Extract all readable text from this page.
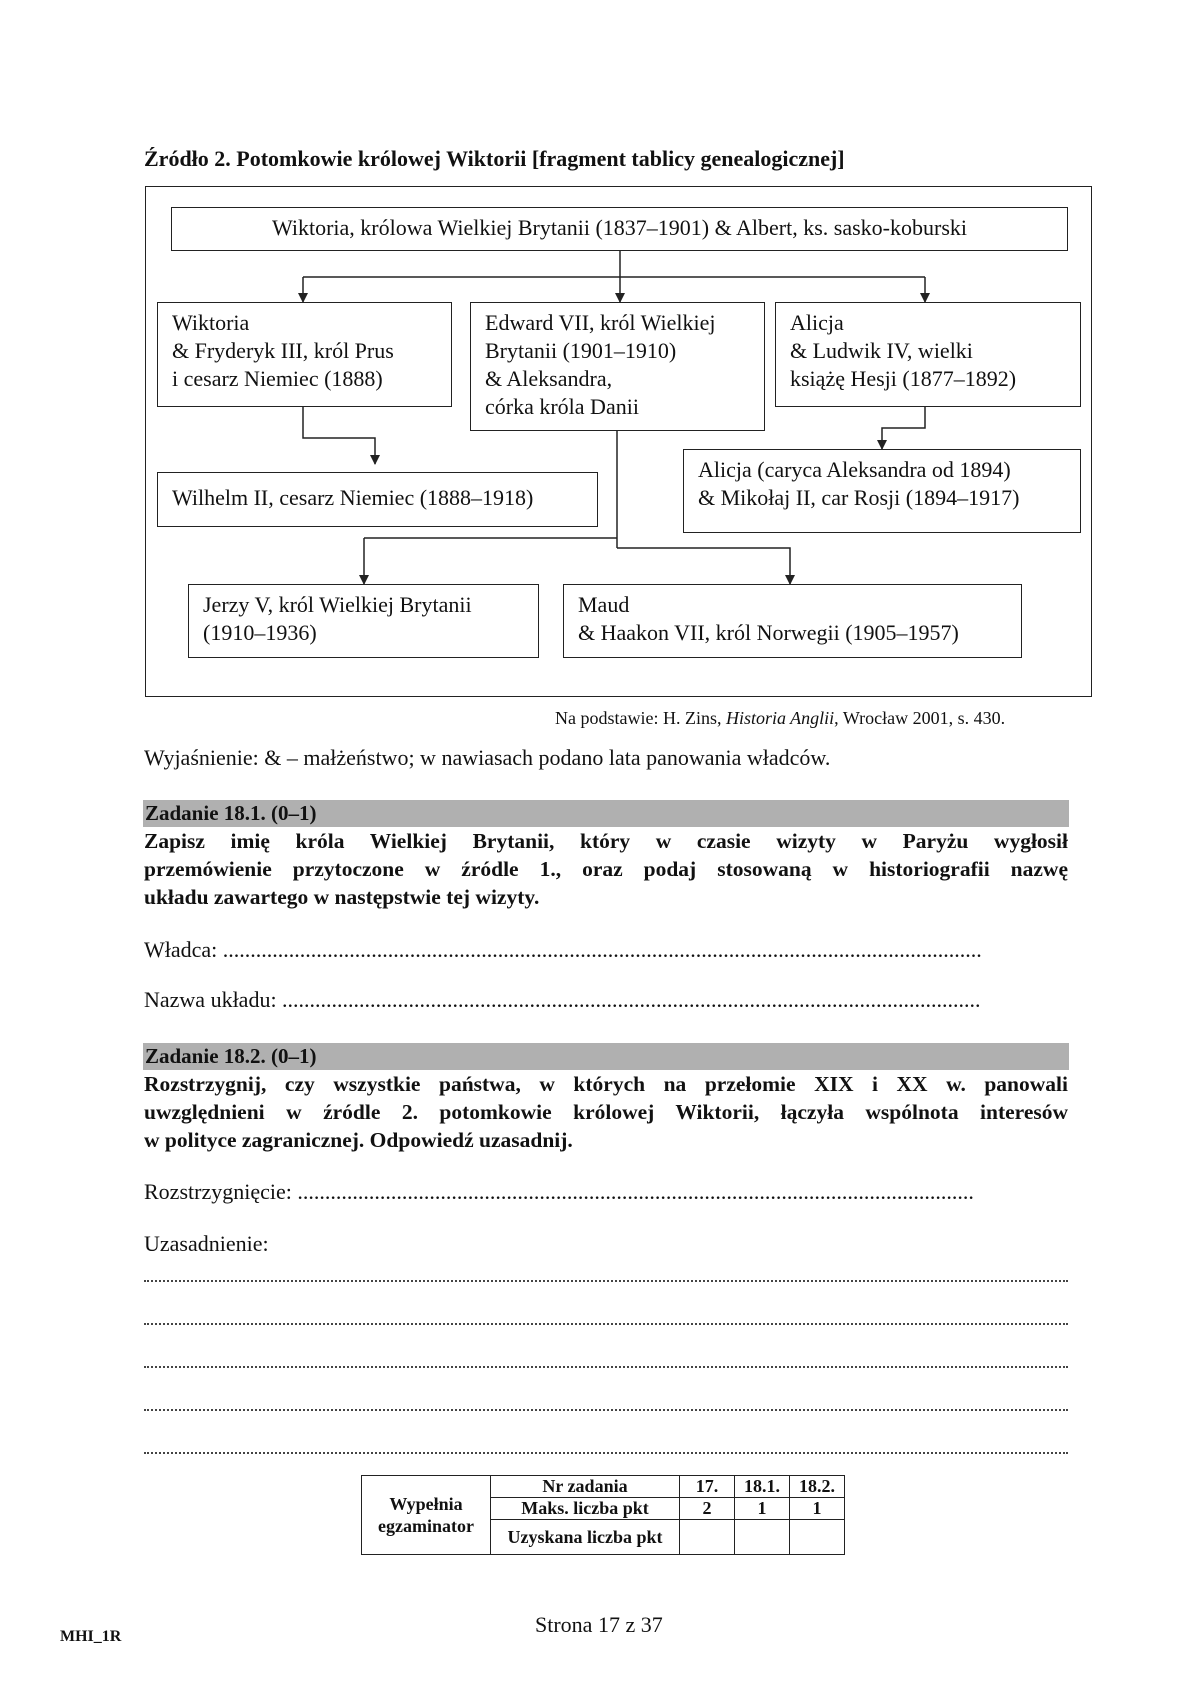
Źródło 2. Potomkowie królowej Wiktorii [fragment tablicy genealogicznej]
Wiktoria, królowa Wielkiej Brytanii (1837–1901) & Albert, ks. sasko-koburski
Wiktoria
& Fryderyk III, król Prus
i cesarz Niemiec (1888)
Edward VII, król Wielkiej
Brytanii (1901–1910)
& Aleksandra,
córka króla Danii
Alicja
& Ludwik IV, wielki
książę Hesji (1877–1892)
Wilhelm II, cesarz Niemiec (1888–1918)
Alicja (caryca Aleksandra od 1894)
& Mikołaj II, car Rosji (1894–1917)
Jerzy V, król Wielkiej Brytanii
(1910–1936)
Maud
& Haakon VII, król Norwegii (1905–1957)
Na podstawie: H. Zins, Historia Anglii, Wrocław 2001, s. 430.
Wyjaśnienie: & – małżeństwo; w nawiasach podano lata panowania władców.
Zadanie 18.1. (0–1)
Zapisz imię króla Wielkiej Brytanii, który w czasie wizyty w Paryżu wygłosił
przemówienie przytoczone w źródle 1., oraz podaj stosowaną w historiografii nazwę
układu zawartego w następstwie tej wizyty.
Władca: ..........................................................................................................................................
Nazwa układu: ...............................................................................................................................
Zadanie 18.2. (0–1)
Rozstrzygnij, czy wszystkie państwa, w których na przełomie XIX i XX w. panowali
uwzględnieni w źródle 2. potomkowie królowej Wiktorii, łączyła wspólnota interesów
w polityce zagranicznej. Odpowiedź uzasadnij.
Rozstrzygnięcie: ...........................................................................................................................
Uzasadnienie:
Wypełnia
egzaminator	Nr zadania	17.	18.1.	18.2.
	Maks. liczba pkt	2	1	1
	Uzyskana liczba pkt			
MHI_1R	Strona 17 z 37
